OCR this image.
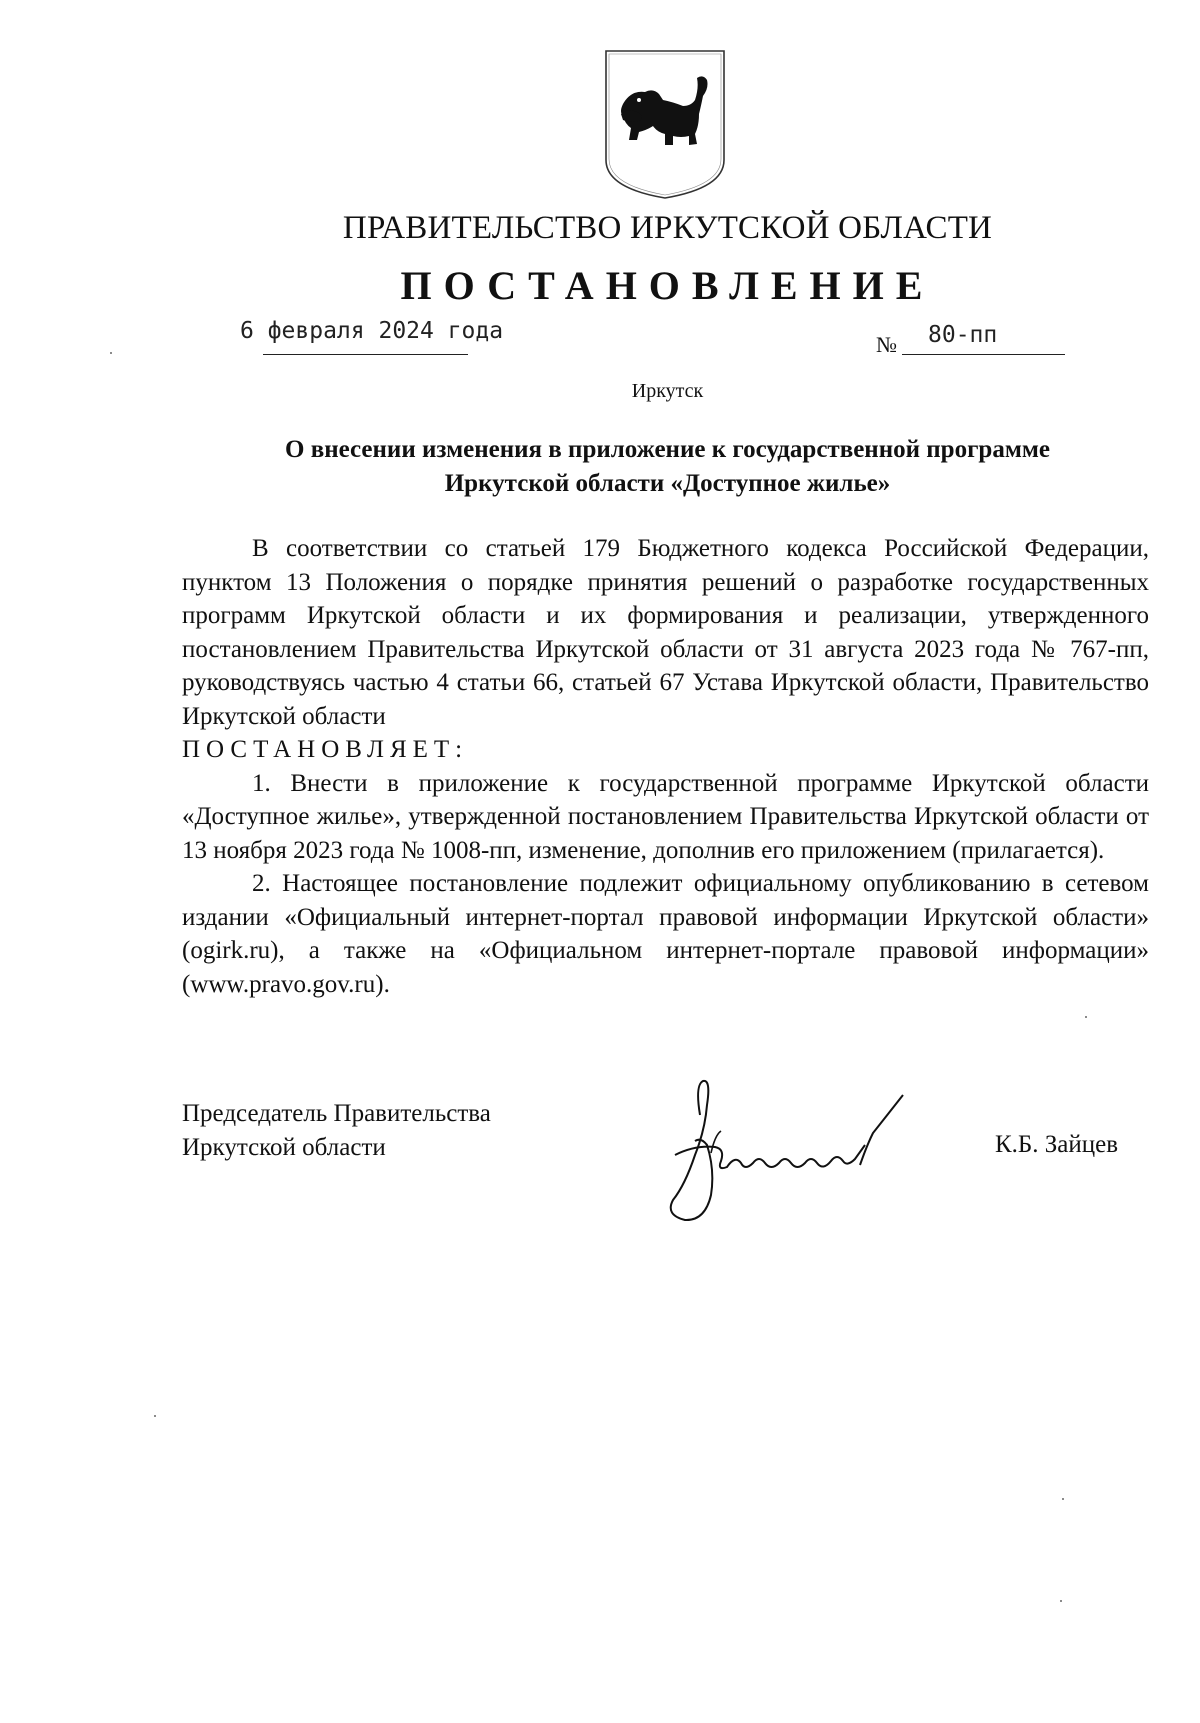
ПРАВИТЕЛЬСТВО ИРКУТСКОЙ ОБЛАСТИ
ПОСТАНОВЛЕНИЕ
6 февраля 2024 года
№ 80-пп
Иркутск
О внесении изменения в приложение к государственной программе
Иркутской области «Доступное жилье»

В соответствии со статьей 179 Бюджетного кодекса Российской Федерации, пунктом 13 Положения о порядке принятия решений о разработке государственных программ Иркутской области и их формирования и реализации, утвержденного постановлением Правительства Иркутской области от 31 августа 2023 года № 767-пп, руководствуясь частью 4 статьи 66, статьей 67 Устава Иркутской области, Правительство Иркутской области

ПОСТАНОВЛЯЕТ:

1. Внести в приложение к государственной программе Иркутской области «Доступное жилье», утвержденной постановлением Правительства Иркутской области от 13 ноября 2023 года № 1008-пп, изменение, дополнив его приложением (прилагается).

2. Настоящее постановление подлежит официальному опубликованию в сетевом издании «Официальный интернет-портал правовой информации Иркутской области» (ogirk.ru), а также на «Официальном интернет-портале правовой информации» (www.pravo.gov.ru).

Председатель Правительства
Иркутской области	К.Б. Зайцев
